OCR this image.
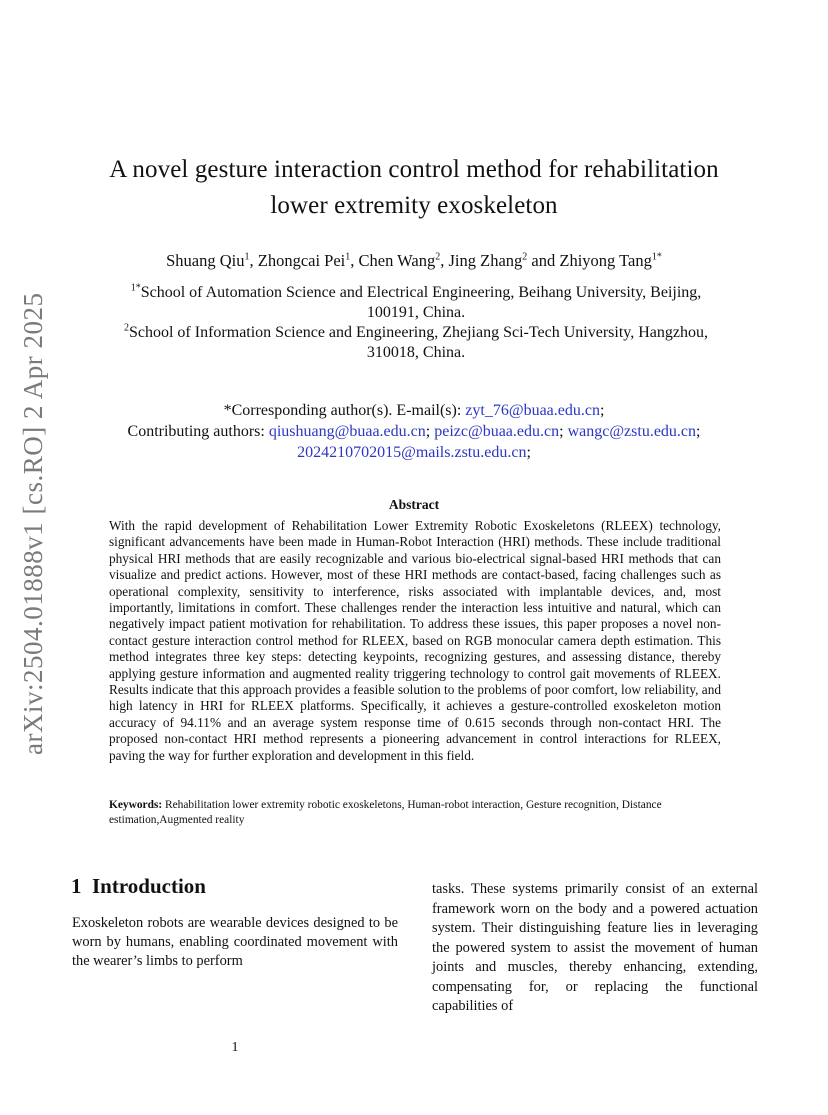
arXiv:2504.01888v1 [cs.RO] 2 Apr 2025
A novel gesture interaction control method for rehabilitation
lower extremity exoskeleton
Shuang Qiu$^1$, Zhongcai Pei$^1$, Chen Wang$^2$, Jing Zhang$^2$ and Zhiyong Tang$^{1*}$
$^{1*}$School of Automation Science and Electrical Engineering, Beihang University, Beijing,
100191, China.
$^2$School of Information Science and Engineering, Zhejiang Sci-Tech University, Hangzhou,
310018, China.
*Corresponding author(s). E-mail(s): zyt_76@buaa.edu.cn;
Contributing authors: qiushuang@buaa.edu.cn; peizc@buaa.edu.cn; wangc@zstu.edu.cn;
2024210702015@mails.zstu.edu.cn;
Abstract
With the rapid development of Rehabilitation Lower Extremity Robotic Exoskeletons (RLEEX) technology, significant advancements have been made in Human-Robot Interaction (HRI) methods. These include traditional physical HRI methods that are easily recognizable and various bio-electrical signal-based HRI methods that can visualize and predict actions. However, most of these HRI methods are contact-based, facing challenges such as operational complexity, sensitivity to interference, risks associated with implantable devices, and, most importantly, limitations in comfort. These challenges render the interaction less intuitive and natural, which can negatively impact patient motivation for rehabilitation. To address these issues, this paper proposes a novel non-contact gesture interaction control method for RLEEX, based on RGB monocular camera depth estimation. This method integrates three key steps: detecting keypoints, recognizing gestures, and assessing distance, thereby applying gesture information and augmented reality triggering technology to control gait movements of RLEEX. Results indicate that this approach provides a feasible solution to the problems of poor comfort, low reliability, and high latency in HRI for RLEEX platforms. Specifically, it achieves a gesture-controlled exoskeleton motion accuracy of 94.11% and an average system response time of 0.615 seconds through non-contact HRI. The proposed non-contact HRI method represents a pioneering advancement in control interactions for RLEEX, paving the way for further exploration and development in this field.
Keywords: Rehabilitation lower extremity robotic exoskeletons, Human-robot interaction, Gesture recognition, Distance estimation,Augmented reality
1 Introduction
Exoskeleton robots are wearable devices designed to be worn by humans, enabling coordinated movement with the wearer’s limbs to perform
tasks. These systems primarily consist of an external framework worn on the body and a powered actuation system. Their distinguishing feature lies in leveraging the powered system to assist the movement of human joints and muscles, thereby enhancing, extending, compensating for, or replacing the functional capabilities of
1
